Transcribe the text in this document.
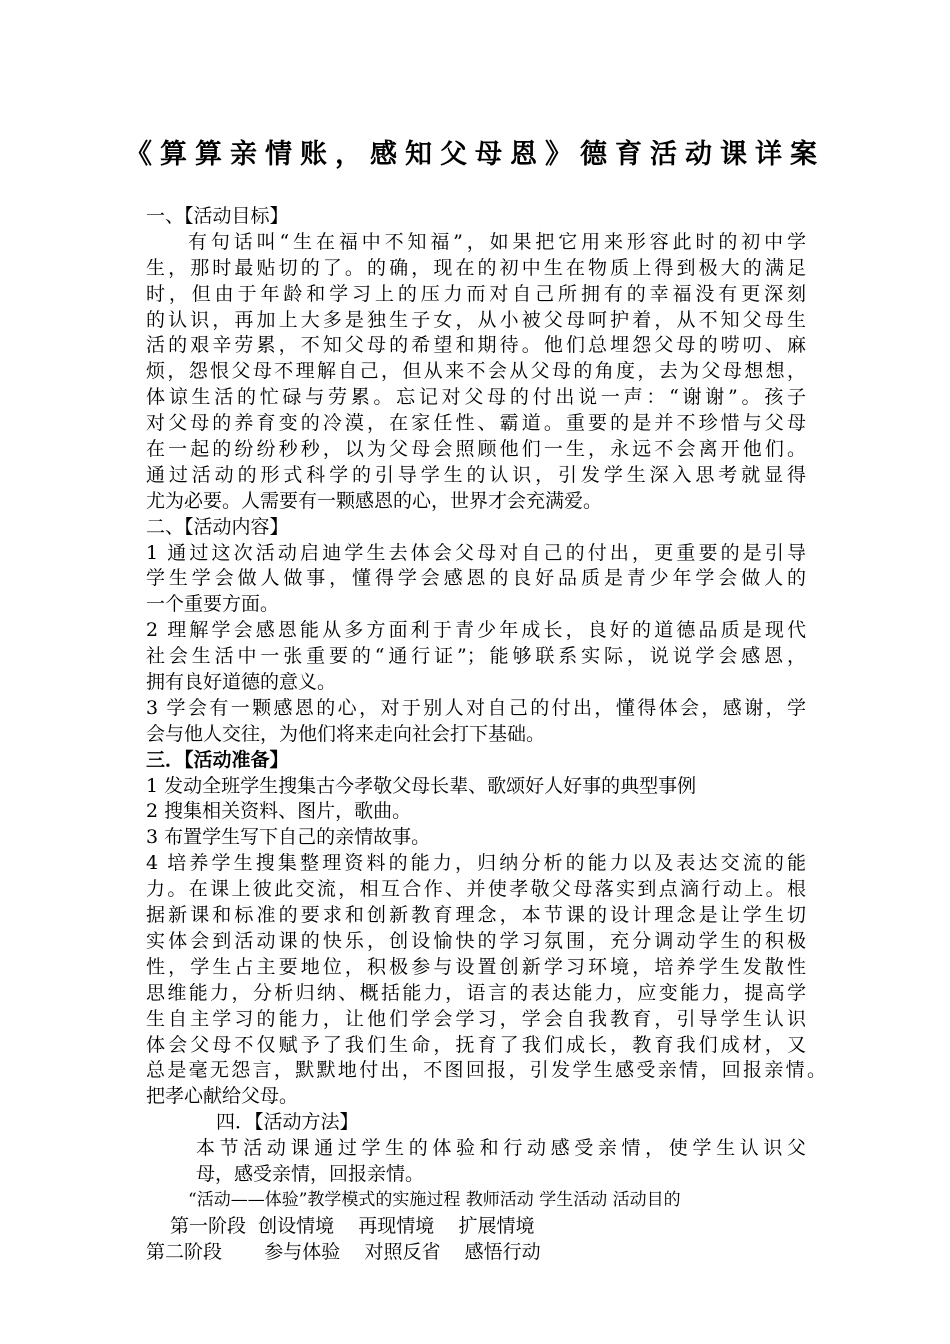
《算算亲情账，感知父母恩》德育活动课详案
一、【活动目标】
有句话叫“生在福中不知福”，如果把它用来形容此时的初中学
生，那时最贴切的了。的确，现在的初中生在物质上得到极大的满足
时，但由于年龄和学习上的压力而对自己所拥有的幸福没有更深刻
的认识，再加上大多是独生子女，从小被父母呵护着，从不知父母生
活的艰辛劳累，不知父母的希望和期待。他们总埋怨父母的唠叨、麻
烦，怨恨父母不理解自己，但从来不会从父母的角度，去为父母想想，
体谅生活的忙碌与劳累。忘记对父母的付出说一声：“谢谢”。孩子
对父母的养育变的冷漠，在家任性、霸道。重要的是并不珍惜与父母
在一起的纷纷秒秒，以为父母会照顾他们一生，永远不会离开他们。
通过活动的形式科学的引导学生的认识，引发学生深入思考就显得
尤为必要。人需要有一颗感恩的心，世界才会充满爱。
二、【活动内容】
1 通过这次活动启迪学生去体会父母对自己的付出，更重要的是引导
学生学会做人做事，懂得学会感恩的良好品质是青少年学会做人的
一个重要方面。
2 理解学会感恩能从多方面利于青少年成长，良好的道德品质是现代
社会生活中一张重要的“通行证”；能够联系实际，说说学会感恩，
拥有良好道德的意义。
3 学会有一颗感恩的心，对于别人对自己的付出，懂得体会，感谢，学
会与他人交往，为他们将来走向社会打下基础。
三．【活动准备】
1 发动全班学生搜集古今孝敬父母长辈、歌颂好人好事的典型事例
2 搜集相关资料、图片，歌曲。
3 布置学生写下自己的亲情故事。
4 培养学生搜集整理资料的能力，归纳分析的能力以及表达交流的能
力。在课上彼此交流，相互合作、并使孝敬父母落实到点滴行动上。根
据新课和标准的要求和创新教育理念，本节课的设计理念是让学生切
实体会到活动课的快乐，创设愉快的学习氛围，充分调动学生的积极
性，学生占主要地位，积极参与设置创新学习环境，培养学生发散性
思维能力，分析归纳、概括能力，语言的表达能力，应变能力，提高学
生自主学习的能力，让他们学会学习，学会自我教育，引导学生认识
体会父母不仅赋予了我们生命，抚育了我们成长，教育我们成材，又
总是毫无怨言，默默地付出，不图回报，引发学生感受亲情，回报亲情。
把孝心献给父母。
四．【活动方法】
本节活动课通过学生的体验和行动感受亲情，使学生认识父
母，感受亲情，回报亲情。
“活动——体验”教学模式的实施过程 教师活动 学生活动 活动目的
第一阶段 创设情境 再现情境 扩展情境
第二阶段 参与体验 对照反省 感悟行动
